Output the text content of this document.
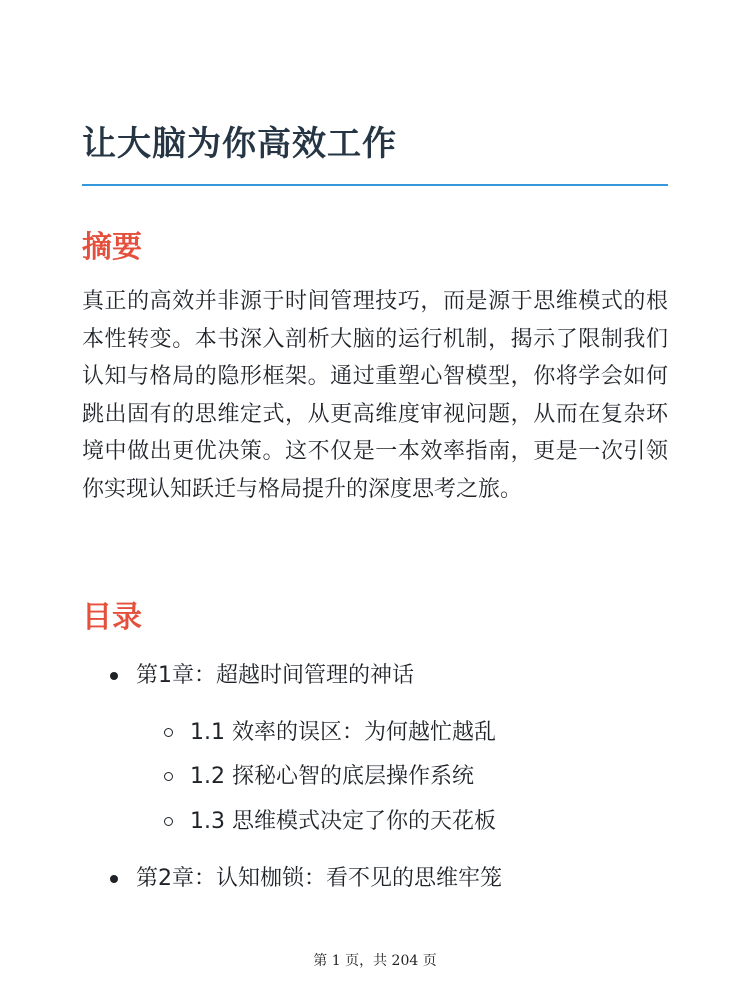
让大脑为你高效工作
摘要

真正的高效并非源于时间管理技巧，而是源于思维模式的根本性转变。本书深入剖析大脑的运行机制，揭示了限制我们认知与格局的隐形框架。通过重塑心智模型，你将学会如何跳出固有的思维定式，从更高维度审视问题，从而在复杂环境中做出更优决策。这不仅是一本效率指南，更是一次引领你实现认知跃迁与格局提升的深度思考之旅。

目录
第1章：超越时间管理的神话
1.1 效率的误区：为何越忙越乱
1.2 探秘心智的底层操作系统
1.3 思维模式决定了你的天花板
第2章：认知枷锁：看不见的思维牢笼
第 1 页，共 204 页
